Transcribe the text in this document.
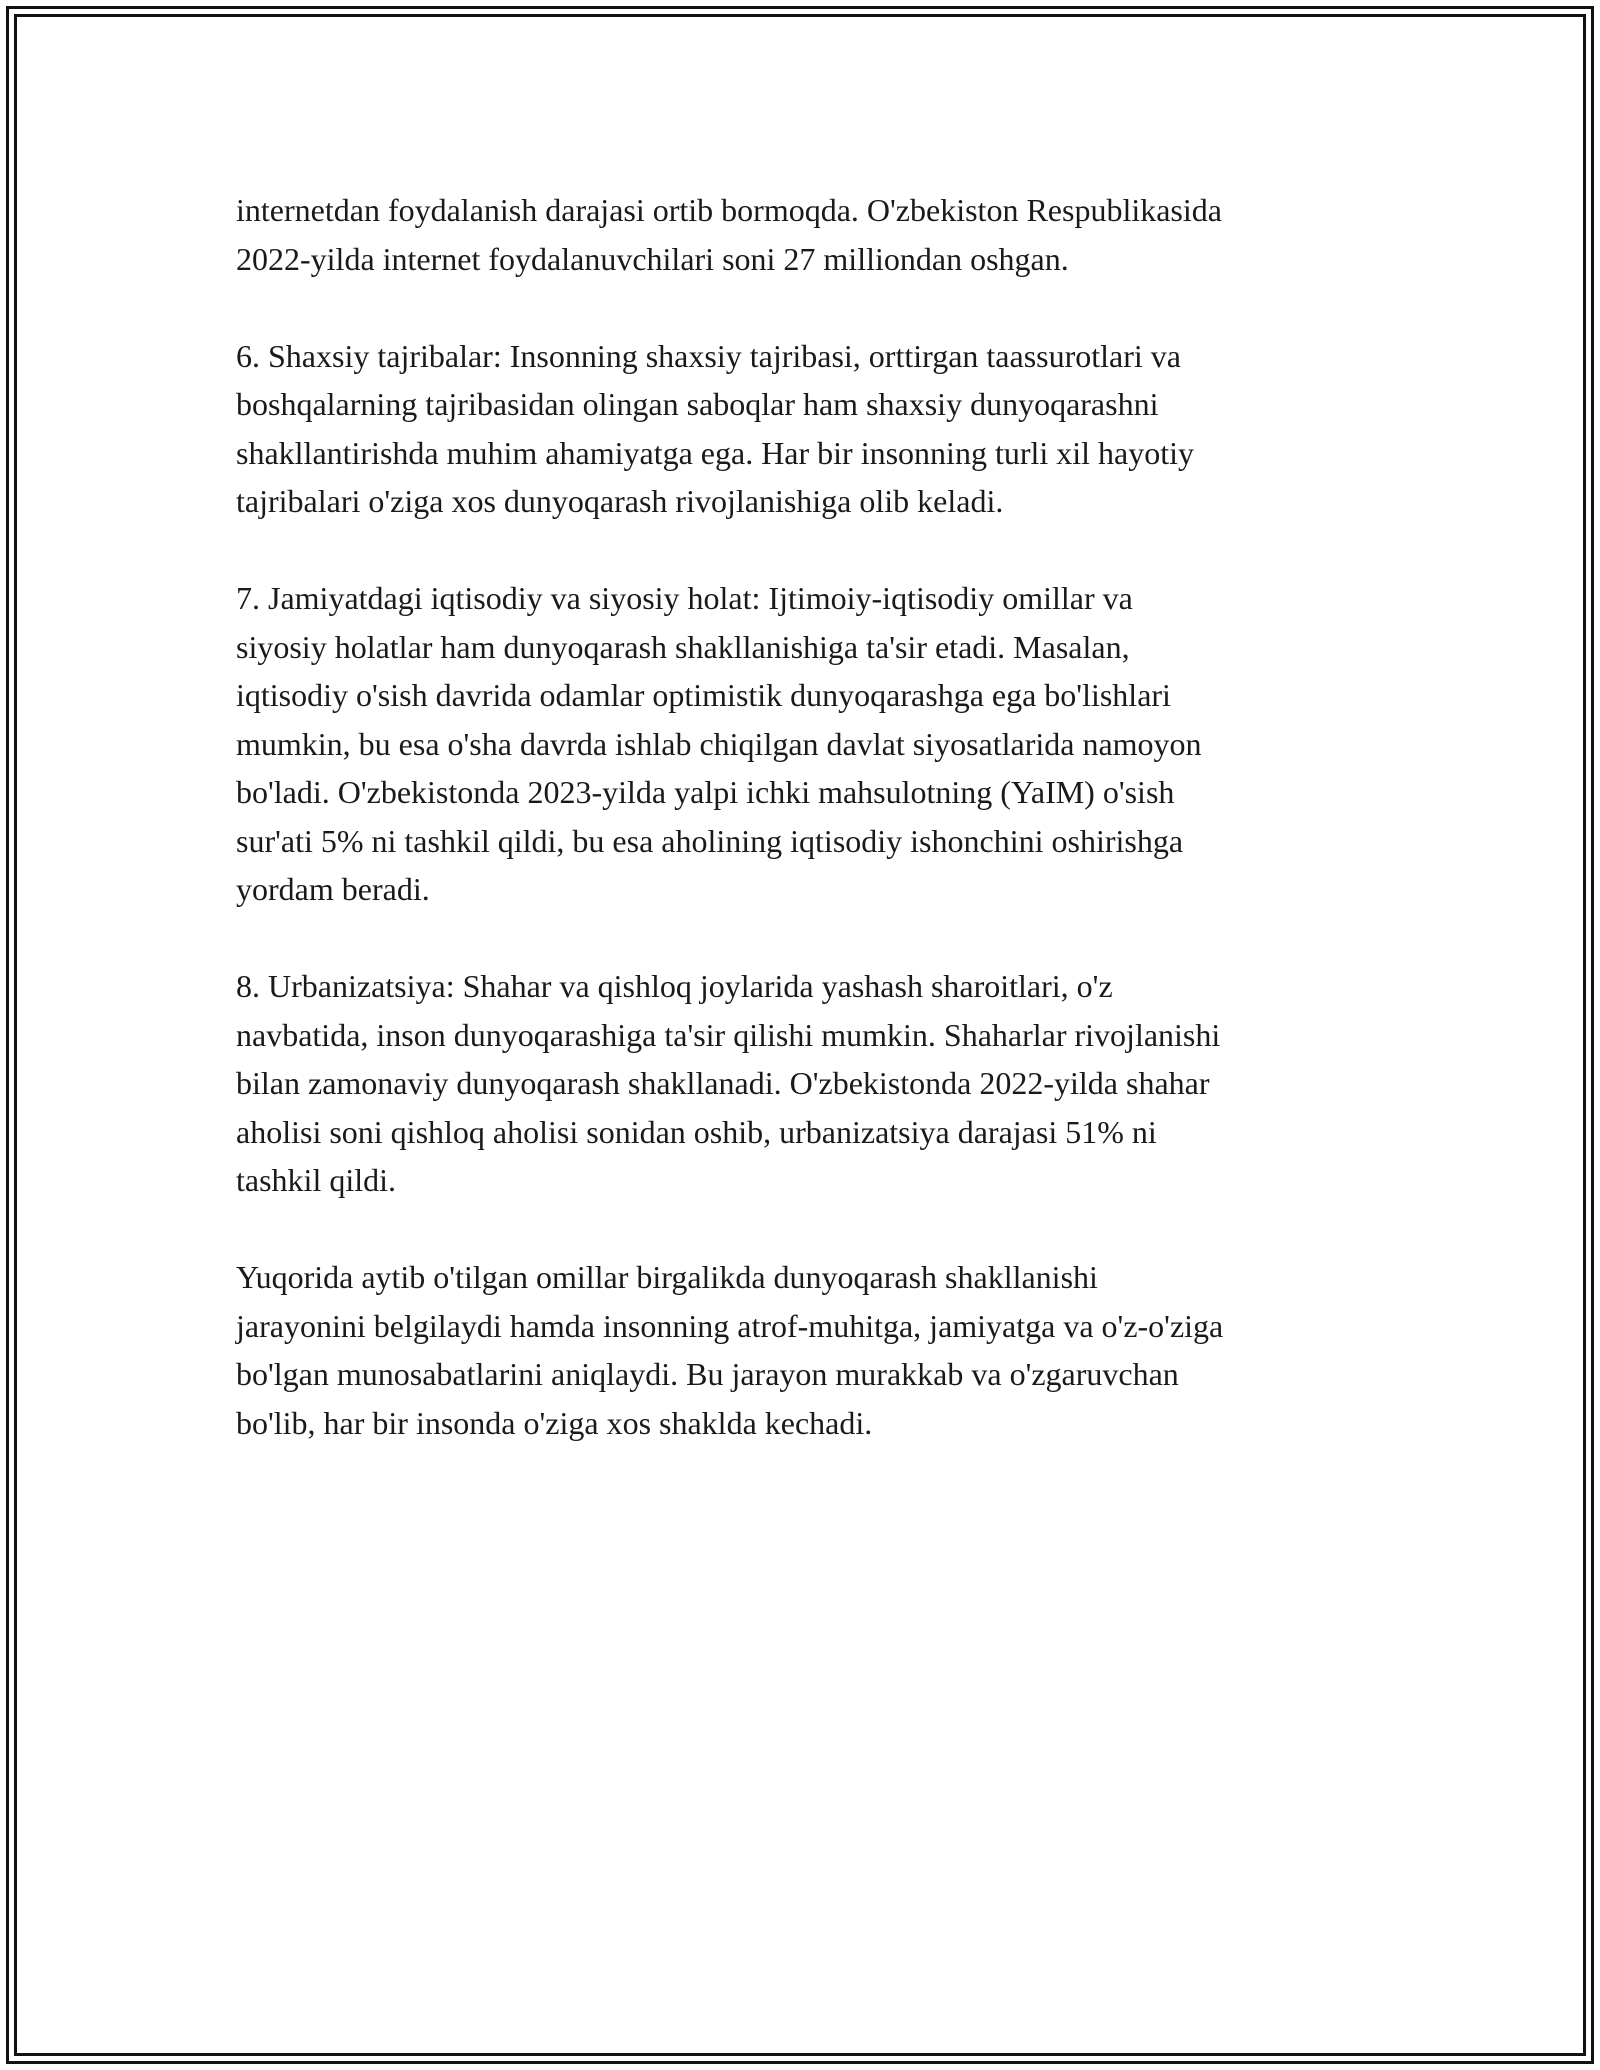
internetdan foydalanish darajasi ortib bormoqda. O'zbekiston Respublikasida
2022-yilda internet foydalanuvchilari soni 27 milliondan oshgan.

6. Shaxsiy tajribalar: Insonning shaxsiy tajribasi, orttirgan taassurotlari va
boshqalarning tajribasidan olingan saboqlar ham shaxsiy dunyoqarashni
shakllantirishda muhim ahamiyatga ega. Har bir insonning turli xil hayotiy
tajribalari o'ziga xos dunyoqarash rivojlanishiga olib keladi.

7. Jamiyatdagi iqtisodiy va siyosiy holat: Ijtimoiy-iqtisodiy omillar va
siyosiy holatlar ham dunyoqarash shakllanishiga ta'sir etadi. Masalan,
iqtisodiy o'sish davrida odamlar optimistik dunyoqarashga ega bo'lishlari
mumkin, bu esa o'sha davrda ishlab chiqilgan davlat siyosatlarida namoyon
bo'ladi. O'zbekistonda 2023-yilda yalpi ichki mahsulotning (YaIM) o'sish
sur'ati 5% ni tashkil qildi, bu esa aholining iqtisodiy ishonchini oshirishga
yordam beradi.

8. Urbanizatsiya: Shahar va qishloq joylarida yashash sharoitlari, o'z
navbatida, inson dunyoqarashiga ta'sir qilishi mumkin. Shaharlar rivojlanishi
bilan zamonaviy dunyoqarash shakllanadi. O'zbekistonda 2022-yilda shahar
aholisi soni qishloq aholisi sonidan oshib, urbanizatsiya darajasi 51% ni
tashkil qildi.

Yuqorida aytib o'tilgan omillar birgalikda dunyoqarash shakllanishi
jarayonini belgilaydi hamda insonning atrof-muhitga, jamiyatga va o'z-o'ziga
bo'lgan munosabatlarini aniqlaydi. Bu jarayon murakkab va o'zgaruvchan
bo'lib, har bir insonda o'ziga xos shaklda kechadi.
